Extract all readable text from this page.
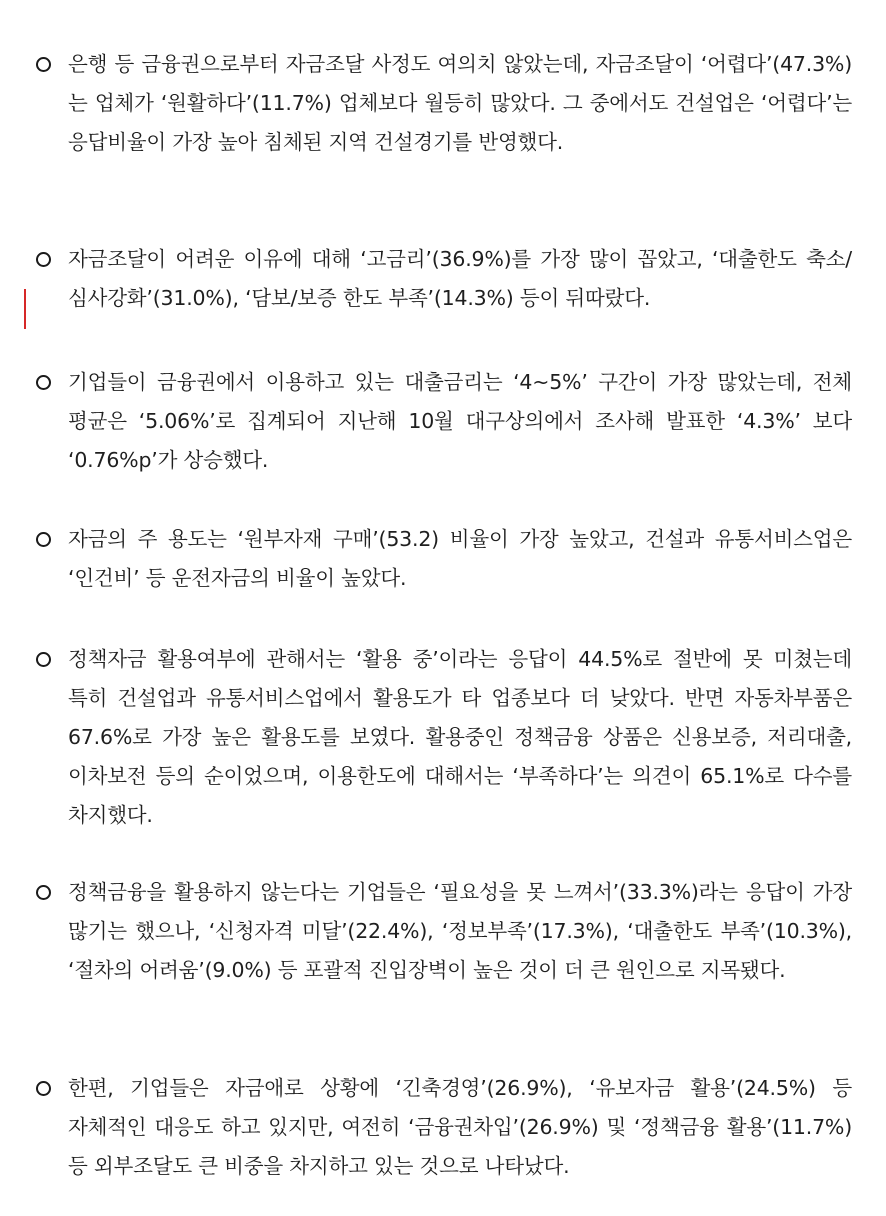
은행 등 금융권으로부터 자금조달 사정도 여의치 않았는데, 자금조달이 ‘어렵다’(47.3%)는 업체가 ‘원활하다’(11.7%) 업체보다 월등히 많았다. 그 중에서도 건설업은 ‘어렵다’는 응답비율이 가장 높아 침체된 지역 건설경기를 반영했다.

자금조달이 어려운 이유에 대해 ‘고금리’(36.9%)를 가장 많이 꼽았고, ‘대출한도 축소/심사강화’(31.0%), ‘담보/보증 한도 부족’(14.3%) 등이 뒤따랐다.

기업들이 금융권에서 이용하고 있는 대출금리는 ‘4~5%’ 구간이 가장 많았는데, 전체 평균은 ‘5.06%’로 집계되어 지난해 10월 대구상의에서 조사해 발표한 ‘4.3%’ 보다 ‘0.76%p’가 상승했다.

자금의 주 용도는 ‘원부자재 구매’(53.2) 비율이 가장 높았고, 건설과 유통서비스업은 ‘인건비’ 등 운전자금의 비율이 높았다.

정책자금 활용여부에 관해서는 ‘활용 중’이라는 응답이 44.5%로 절반에 못 미쳤는데 특히 건설업과 유통서비스업에서 활용도가 타 업종보다 더 낮았다. 반면 자동차부품은 67.6%로 가장 높은 활용도를 보였다. 활용중인 정책금융 상품은 신용보증, 저리대출, 이차보전 등의 순이었으며, 이용한도에 대해서는 ‘부족하다’는 의견이 65.1%로 다수를 차지했다.

정책금융을 활용하지 않는다는 기업들은 ‘필요성을 못 느껴서’(33.3%)라는 응답이 가장 많기는 했으나, ‘신청자격 미달’(22.4%), ‘정보부족’(17.3%), ‘대출한도 부족’(10.3%), ‘절차의 어려움’(9.0%) 등 포괄적 진입장벽이 높은 것이 더 큰 원인으로 지목됐다.

한편, 기업들은 자금애로 상황에 ‘긴축경영’(26.9%), ‘유보자금 활용’(24.5%) 등 자체적인 대응도 하고 있지만, 여전히 ‘금융권차입’(26.9%) 및 ‘정책금융 활용’(11.7%) 등 외부조달도 큰 비중을 차지하고 있는 것으로 나타났다.
